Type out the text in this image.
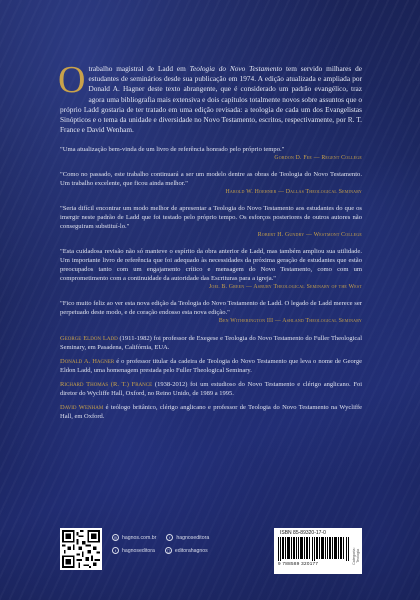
O trabalho magistral de Ladd em Teologia do Novo Testamento tem servido milhares de estudantes de seminários desde sua publicação em 1974. A edição atualizada e ampliada por Donald A. Hagner deste texto abrangente, que é considerado um padrão evangélico, traz agora uma bibliografia mais extensiva e dois capítulos totalmente novos sobre assuntos que o próprio Ladd gostaria de ter tratado em uma edição revisada: a teologia de cada um dos Evangelistas Sinópticos e o tema da unidade e diversidade no Novo Testamento, escritos, respectivamente, por R. T. France e David Wenham.

"Uma atualização bem-vinda de um livro de referência honrado pelo próprio tempo."
Gordon D. Fee — Regent College
"Como no passado, este trabalho continuará a ser um modelo dentre as obras de Teologia do Novo Testamento. Um trabalho excelente, que ficou ainda melhor."
Harold W. Hoehner — Dallas Theological Seminary
"Seria difícil encontrar um modo melhor de apresentar a Teologia do Novo Testamento aos estudantes do que os imergir neste padrão de Ladd que foi testado pelo próprio tempo. Os esforços posteriores de outros autores não conseguiram substituí-lo."
Robert H. Gundry — Westmont College
"Esta cuidadosa revisão não só manteve o espírito da obra anterior de Ladd, mas também ampliou sua utilidade. Um importante livro de referência que foi adequado às necessidades da próxima geração de estudantes que estão preocupados tanto com um engajamento crítico e mensagem do Novo Testamento, como com um comprometimento com a continuidade da autoridade das Escrituras para a igreja."
Joel B. Green — Asbury Theological Seminary of the West
"Fico muito feliz ao ver esta nova edição da Teologia do Novo Testamento de Ladd. O legado de Ladd merece ser perpetuado deste modo, e de coração endosso esta nova edição."
Ben Witherington III — Ashland Theological Seminary
George Eldon Ladd (1911-1982) foi professor de Exegese e Teologia do Novo Testamento do Fuller Theological Seminary, em Pasadena, Califórnia, EUA.
Donald A. Hagner é o professor titular da cadeira de Teologia do Novo Testamento que leva o nome de George Eldon Ladd, uma homenagem prestada pelo Fuller Theological Seminary.
Richard Thomas (R. T.) France (1938-2012) foi um estudioso do Novo Testamento e clérigo anglicano. Foi diretor do Wycliffe Hall, Oxford, no Reino Unido, de 1989 a 1995.
David Wenham é teólogo britânico, clérigo anglicano e professor de Teologia do Novo Testamento na Wycliffe Hall, em Oxford.
◎ hagnos.com.br	f	hagnoseditora
t	hagnoseditora	◻ editorahagnos
ISBN 85-89320-17-0
9 788589 320177	Categoria: Teologia
